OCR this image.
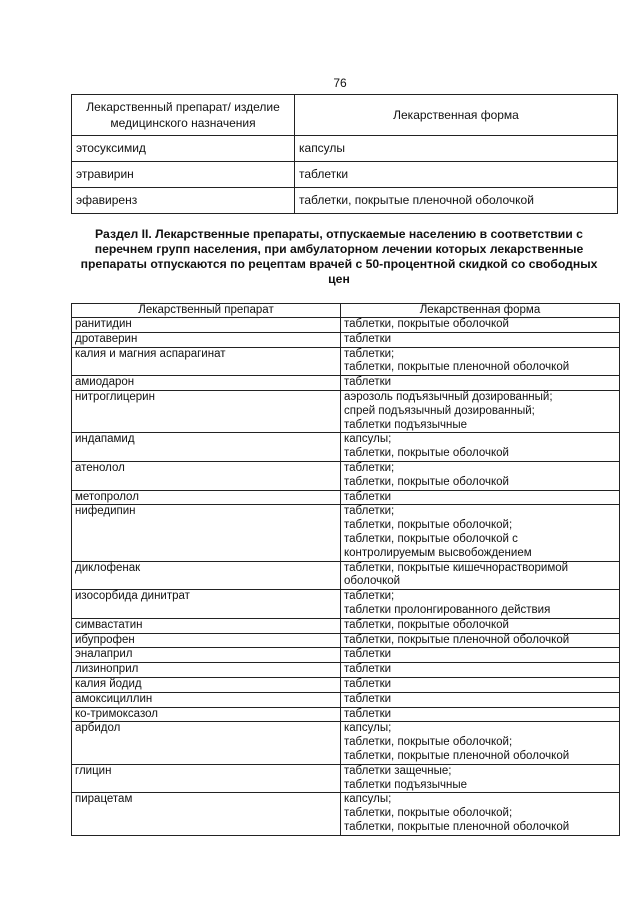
76
Лекарственный препарат/ изделие медицинского назначения	Лекарственная форма
этосуксимид	капсулы

этравирин	таблетки

эфавиренз	таблетки, покрытые пленочной оболочкой
Раздел II. Лекарственные препараты, отпускаемые населению в соответствии с перечнем групп населения, при амбулаторном лечении которых лекарственные препараты отпускаются по рецептам врачей с 50-процентной скидкой со свободных цен
Лекарственный препарат	Лекарственная форма
ранитидин	таблетки, покрытые оболочкой

дротаверин	таблетки

калия и магния аспарагинат	таблетки;
таблетки, покрытые пленочной оболочкой

амиодарон	таблетки

нитроглицерин	аэрозоль подъязычный дозированный;
спрей подъязычный дозированный;
таблетки подъязычные

индапамид	капсулы;
таблетки, покрытые оболочкой

атенолол	таблетки;
таблетки, покрытые оболочкой

метопролол	таблетки

нифедипин	таблетки;
таблетки, покрытые оболочкой;
таблетки, покрытые оболочкой с
контролируемым высвобождением

диклофенак	таблетки, покрытые кишечнорастворимой
оболочкой

изосорбида динитрат	таблетки;
таблетки пролонгированного действия

симвастатин	таблетки, покрытые оболочкой

ибупрофен	таблетки, покрытые пленочной оболочкой

эналаприл	таблетки

лизиноприл	таблетки

калия йодид	таблетки

амоксициллин	таблетки

ко-тримоксазол	таблетки

арбидол	капсулы;
таблетки, покрытые оболочкой;
таблетки, покрытые пленочной оболочкой

глицин	таблетки защечные;
таблетки подъязычные

пирацетам	капсулы;
таблетки, покрытые оболочкой;
таблетки, покрытые пленочной оболочкой
